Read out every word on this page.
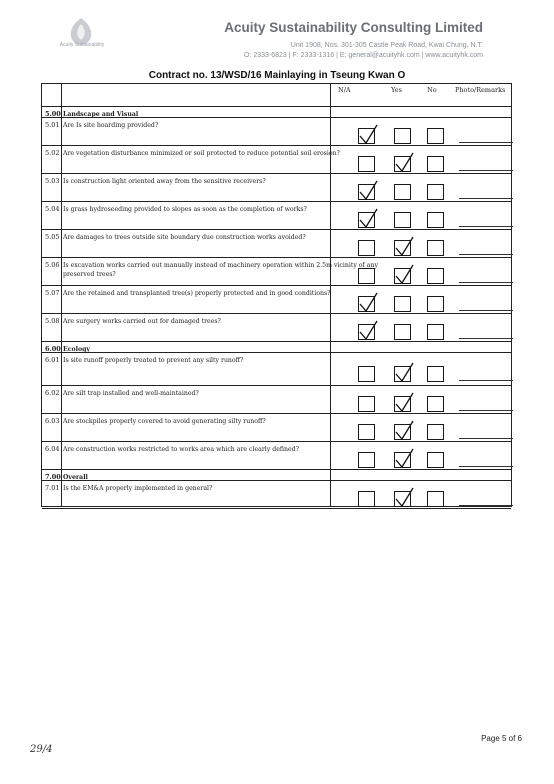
Acuity Sustainability
Acuity Sustainability Consulting Limited
Unit 1908, Nos. 301-305 Castle Peak Road, Kwai Chung, N.T.
O: 2333-6823 | F: 2333-1316 | E: general@acuityhk.com | www.acuityhk.com
Contract no. 13/WSD/16 Mainlaying in Tseung Kwan O
N/A	Yes	No	Photo/Remarks
5.00 Landscape and Visual
5.01 Are Is site hoarding provided?
5.02 Are vegetation disturbance minimized or soil protected to reduce potential soil erosion?
5.03 Is construction light oriented away from the sensitive receivers?
5.04 Is grass hydroseeding provided to slopes as soon as the completion of works?
5.05 Are damages to trees outside site boundary due construction works avoided?
5.06 Is excavation works carried out manually instead of machinery operation within 2.5m vicinity of any preserved trees?
5.07 Are the retained and transplanted tree(s) properly protected and in good conditions?
5.08 Are surgery works carried out for damaged trees?
6.00 Ecology
6.01 Is site runoff properly treated to prevent any silty runoff?
6.02 Are silt trap installed and well-maintained?
6.03 Are stockpiles properly covered to avoid generating silty runoff?
6.04 Are construction works restricted to works area which are clearly defined?
7.00 Overall
7.01 Is the EM&A properly implemented in general?
Page 5 of 6
29/4
